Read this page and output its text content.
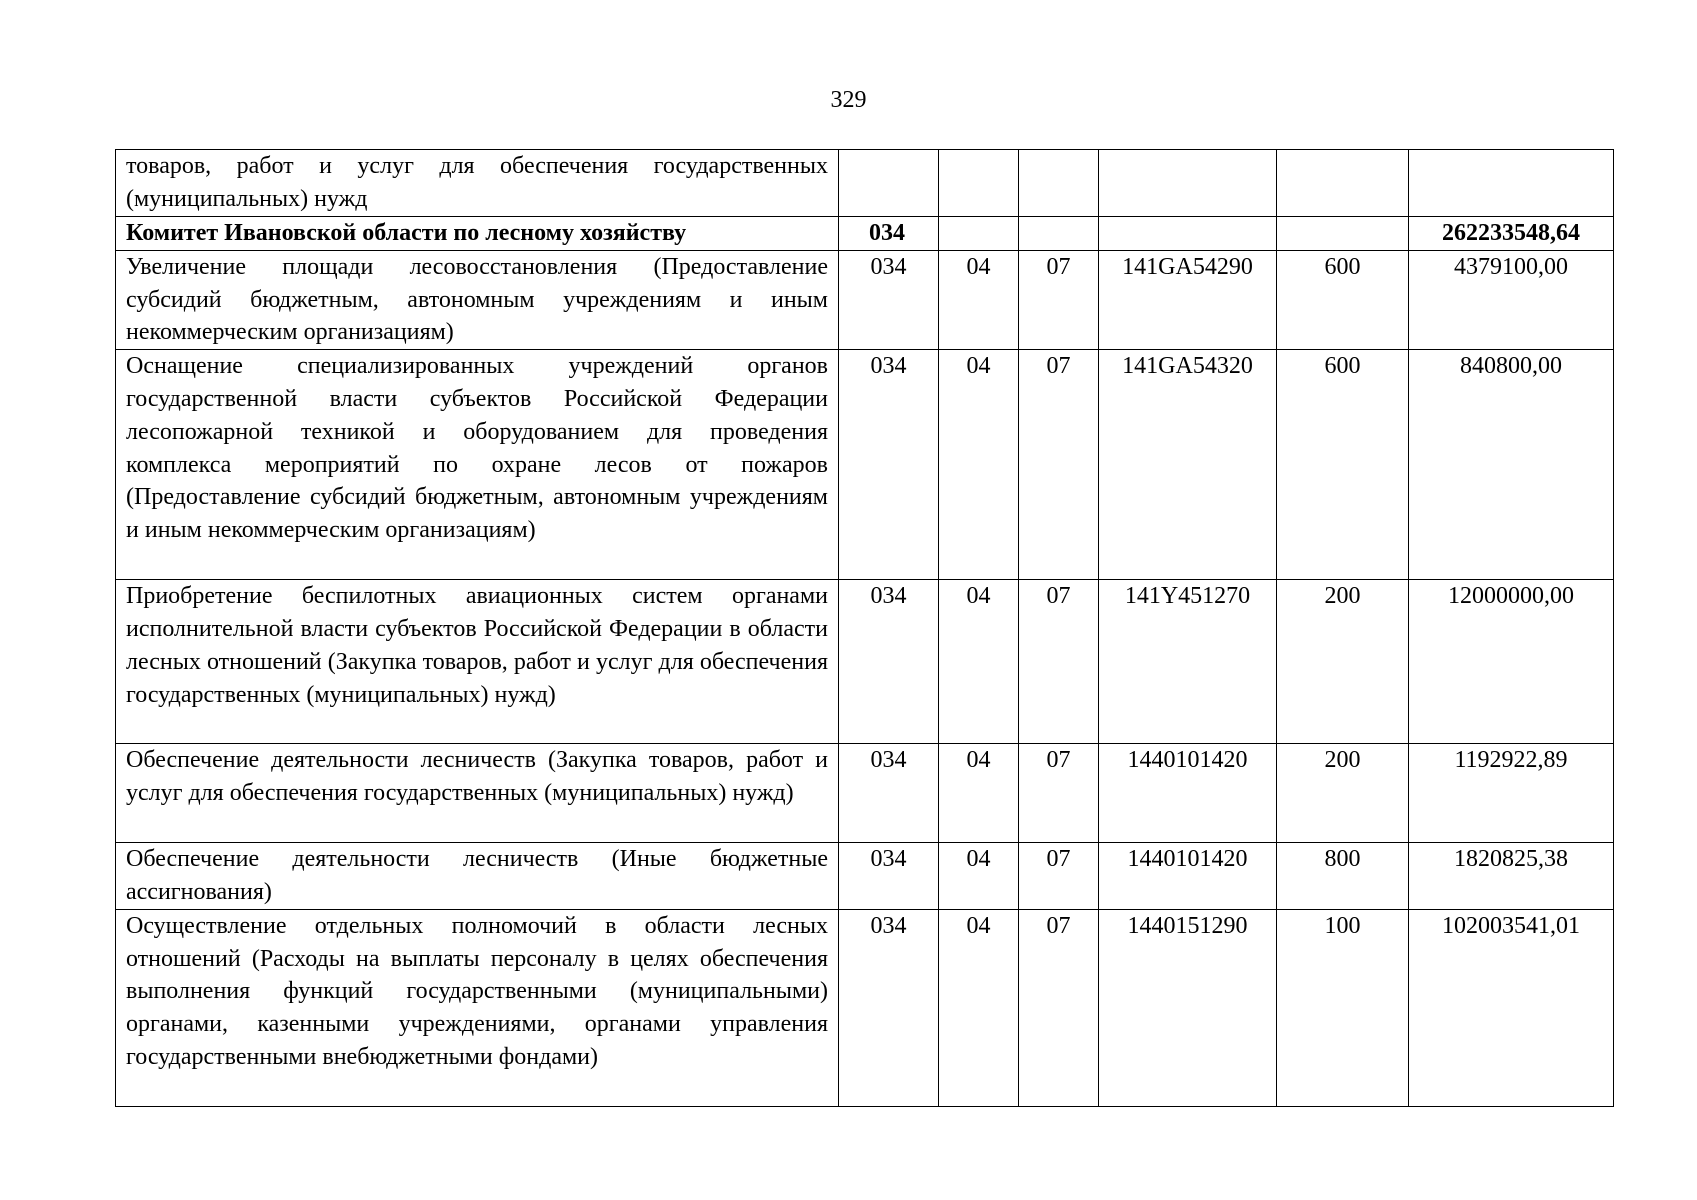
329
товаров, работ и услуг для обеспечения государственных (муниципальных) нужд						
Комитет Ивановской области по лесному хозяйству	034					262233548,64
Увеличение площади лесовосстановления (Предоставление субсидий бюджетным, автономным учреждениям и иным некоммерческим организациям)	034	04	07	141GA54290	600	4379100,00
Оснащение специализированных учреждений органов государственной власти субъектов Российской Федерации лесопожарной техникой и оборудованием для проведения комплекса мероприятий по охране лесов от пожаров (Предоставление субсидий бюджетным, автономным учреждениям и иным некоммерческим организациям)	034	04	07	141GA54320	600	840800,00
Приобретение беспилотных авиационных систем органами исполнительной власти субъектов Российской Федерации в области лесных отношений (Закупка товаров, работ и услуг для обеспечения государственных (муниципальных) нужд)	034	04	07	141Y451270	200	12000000,00
Обеспечение деятельности лесничеств (Закупка товаров, работ и услуг для обеспечения государственных (муниципальных) нужд)	034	04	07	1440101420	200	1192922,89
Обеспечение деятельности лесничеств (Иные бюджетные ассигнования)	034	04	07	1440101420	800	1820825,38
Осуществление отдельных полномочий в области лесных отношений (Расходы на выплаты персоналу в целях обеспечения выполнения функций государственными (муниципальными) органами, казенными учреждениями, органами управления государственными внебюджетными фондами)	034	04	07	1440151290	100	102003541,01
